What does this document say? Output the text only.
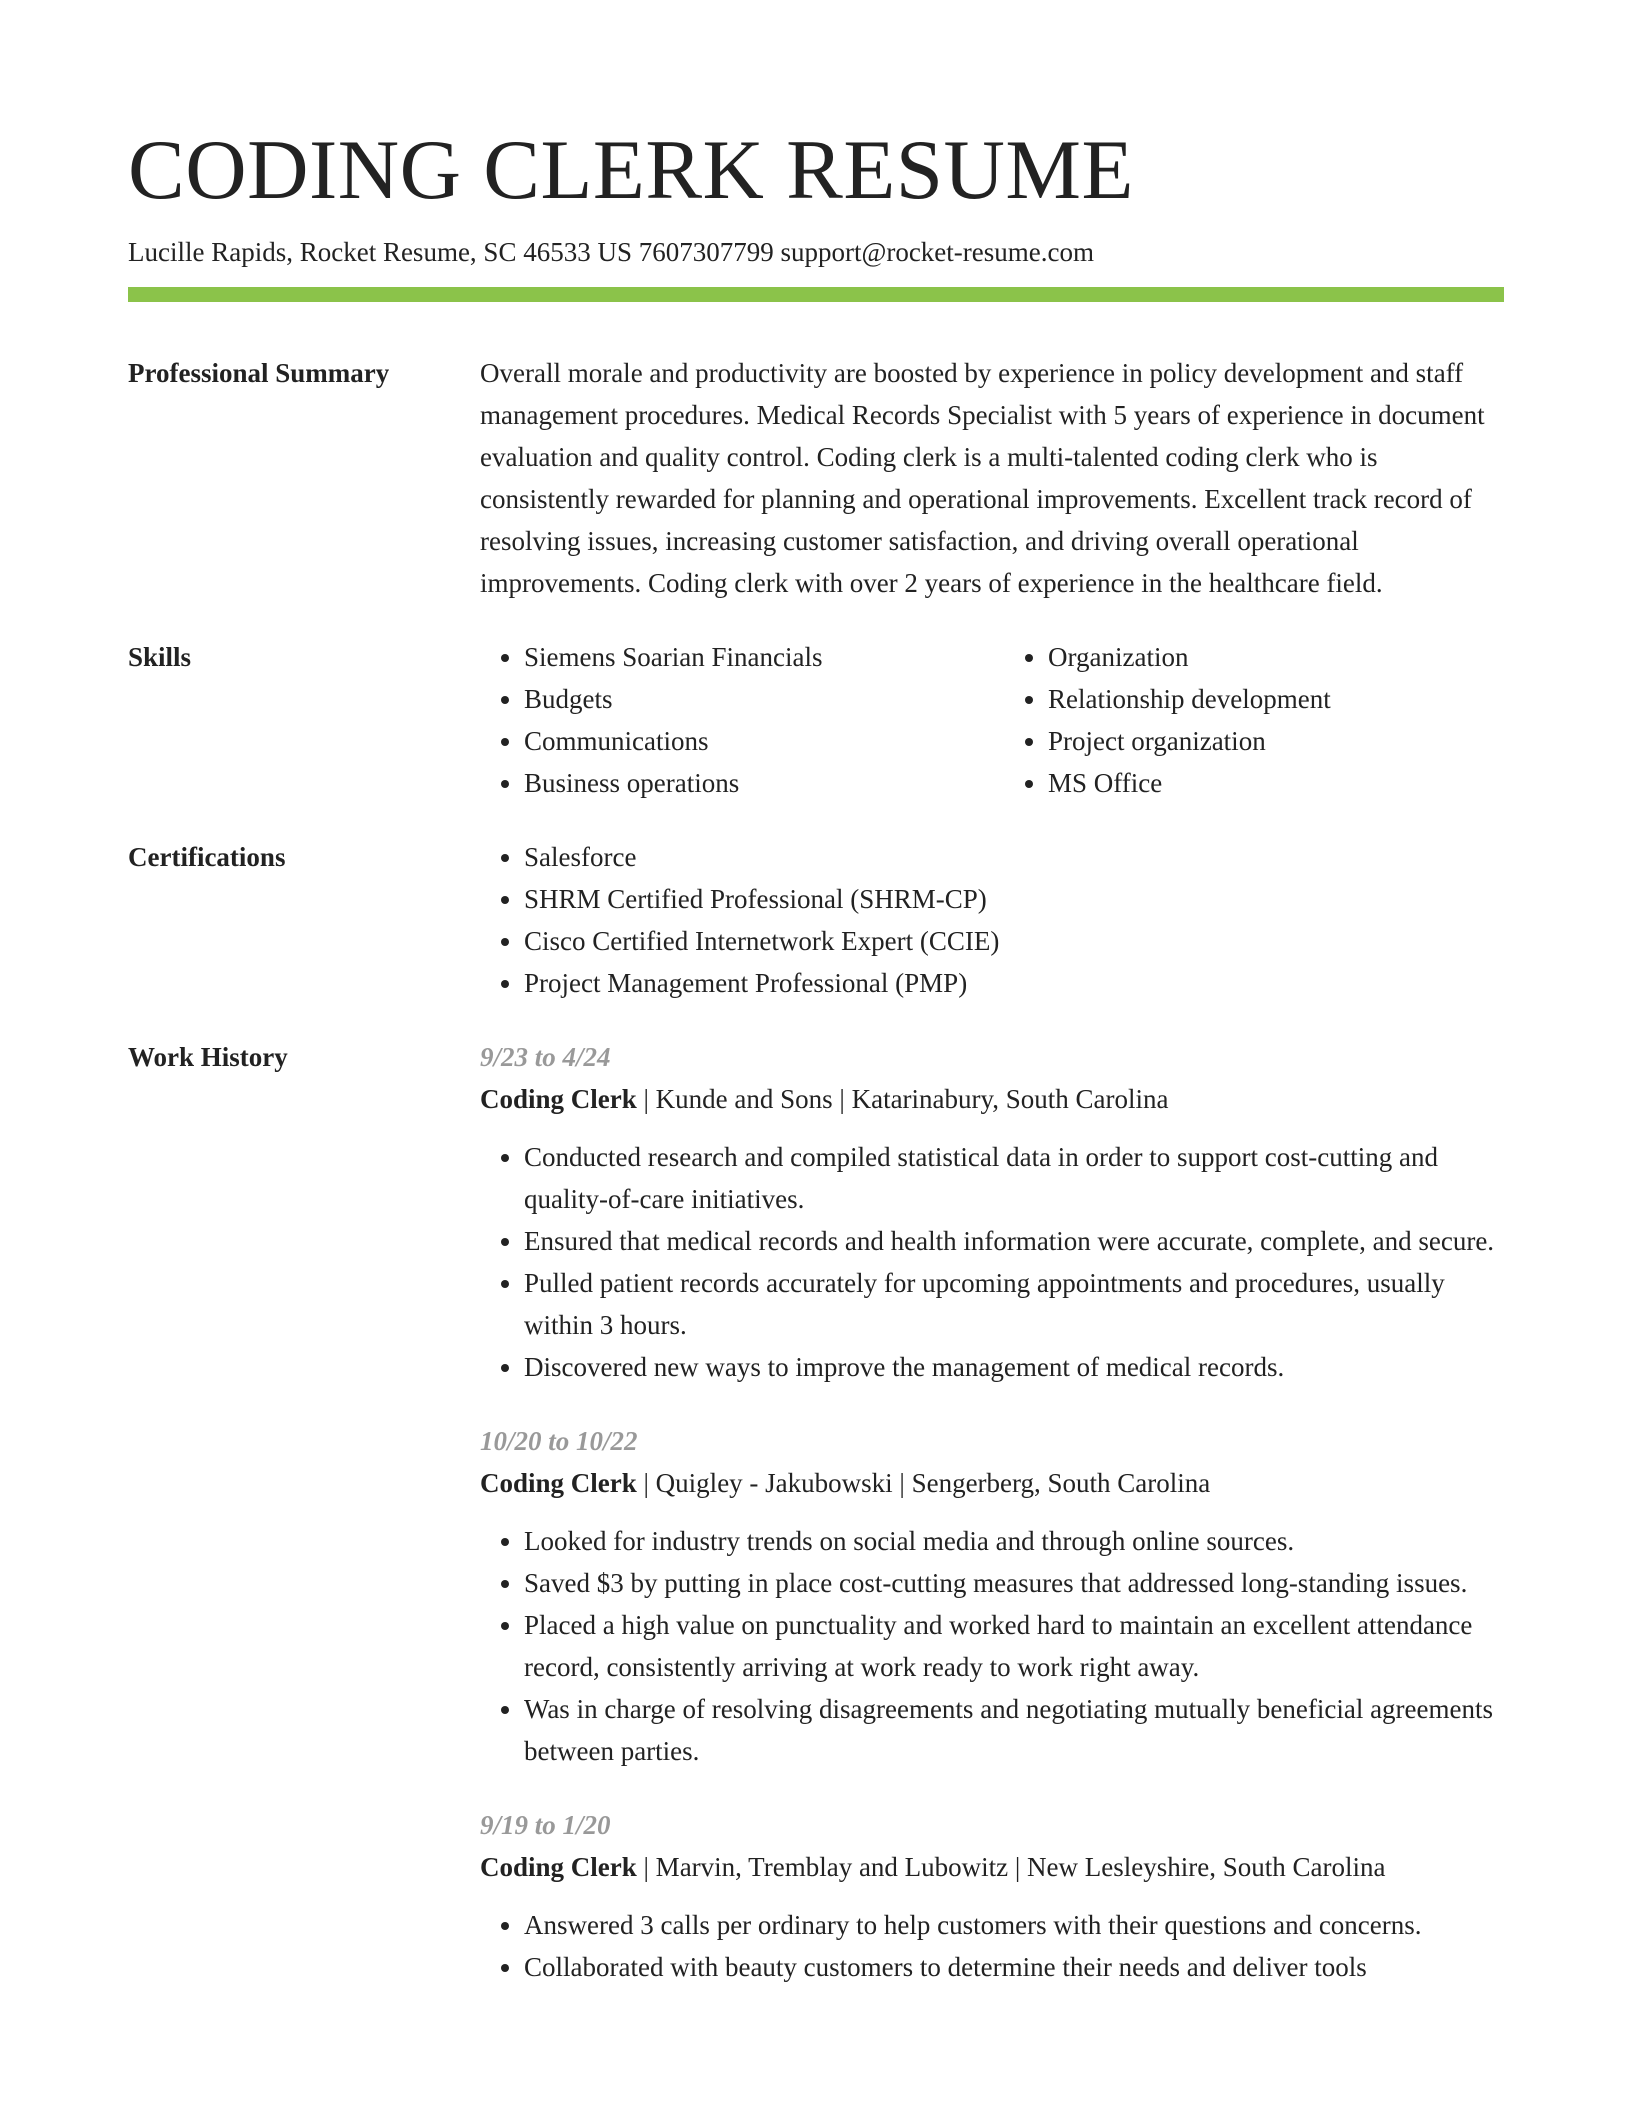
CODING CLERK RESUME
Lucille Rapids, Rocket Resume, SC 46533 US 7607307799 support@rocket-resume.com
Professional Summary	Overall morale and productivity are boosted by experience in policy development and staff management procedures. Medical Records Specialist with 5 years of experience in document evaluation and quality control. Coding clerk is a multi-talented coding clerk who is consistently rewarded for planning and operational improvements. Excellent track record of resolving issues, increasing customer satisfaction, and driving overall operational improvements. Coding clerk with over 2 years of experience in the healthcare field.

Skills	• Siemens Soarian Financials
• Budgets
• Communications
• Business operations
• Organization
• Relationship development
• Project organization
• MS Office
Certifications	• Salesforce
• SHRM Certified Professional (SHRM-CP)
• Cisco Certified Internetwork Expert (CCIE)
• Project Management Professional (PMP)
Work History	9/23 to 4/24
Coding Clerk | Kunde and Sons | Katarinabury, South Carolina
• Conducted research and compiled statistical data in order to support cost-cutting and quality-of-care initiatives.
• Ensured that medical records and health information were accurate, complete, and secure.
• Pulled patient records accurately for upcoming appointments and procedures, usually within 3 hours.
• Discovered new ways to improve the management of medical records.
10/20 to 10/22
Coding Clerk | Quigley - Jakubowski | Sengerberg, South Carolina
• Looked for industry trends on social media and through online sources.
• Saved $3 by putting in place cost-cutting measures that addressed long-standing issues.
• Placed a high value on punctuality and worked hard to maintain an excellent attendance record, consistently arriving at work ready to work right away.
• Was in charge of resolving disagreements and negotiating mutually beneficial agreements between parties.
9/19 to 1/20
Coding Clerk | Marvin, Tremblay and Lubowitz | New Lesleyshire, South Carolina
• Answered 3 calls per ordinary to help customers with their questions and concerns.
• Collaborated with beauty customers to determine their needs and deliver tools
